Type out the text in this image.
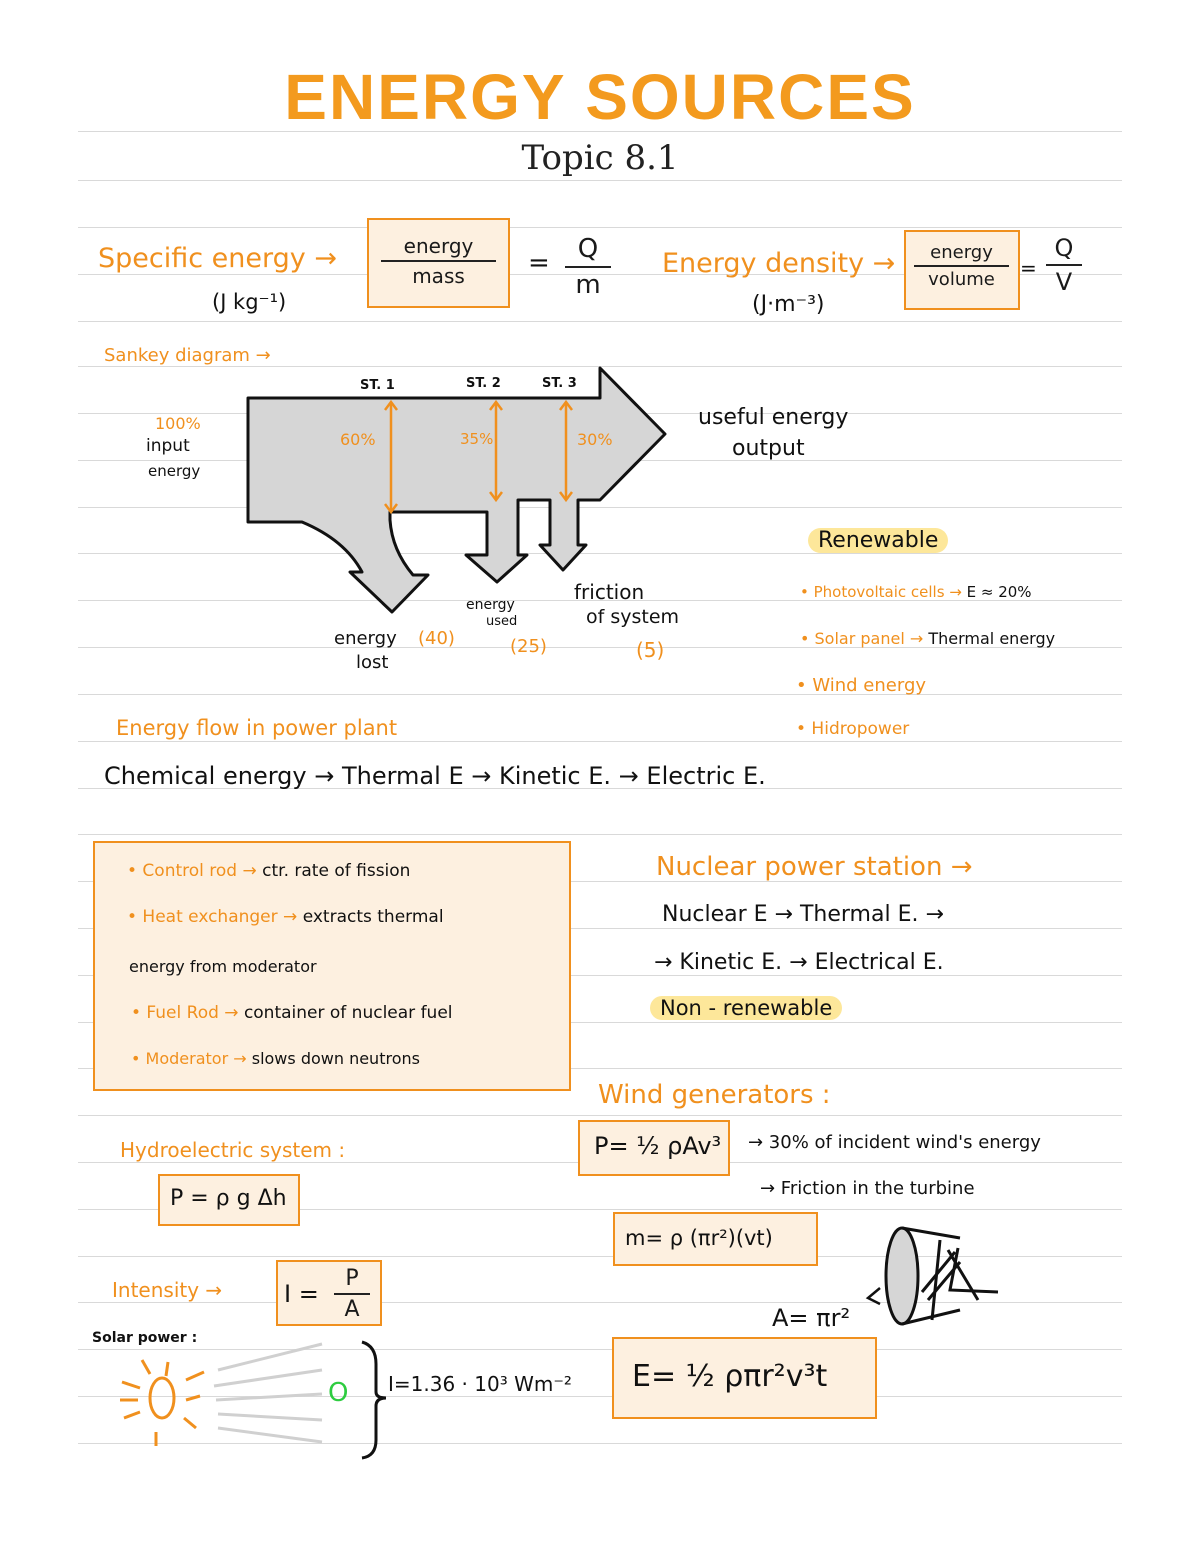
ENERGY SOURCES
Topic 8.1
Specific energy →
(J kg⁻¹)
energy
mass = Q
m
Energy density →
(J·m⁻³)
energy
volume =
Q
V
Sankey diagram →
ST. 1	ST. 2	ST. 3
100%
input
energy
60%	35%	30%
useful energy
output
energy
lost
(40)
energy
used
(25)
friction
of system
(5)
Renewable
• Photovoltaic cells → E ≈ 20%
• Solar panel → Thermal energy
• Wind energy
• Hidropower
Energy flow in power plant
Chemical energy → Thermal E → Kinetic E. → Electric E.
• Control rod → ctr. rate of fission
• Heat exchanger → extracts thermal
energy from moderator
• Fuel Rod → container of nuclear fuel
• Moderator → slows down neutrons
Nuclear power station →
Nuclear E → Thermal E. →
→ Kinetic E. → Electrical E.
Non - renewable
Wind generators :
P= ½ ρAv³ → 30% of incident wind's energy
→ Friction in the turbine
m= ρ (πr²)(vt)
A= πr²
E= ½ ρπr²v³t
Hydroelectric system :
P = ρ g Δh
Intensity →	I =
P
A
Solar power :
O I=1.36 · 10³ Wm⁻²
